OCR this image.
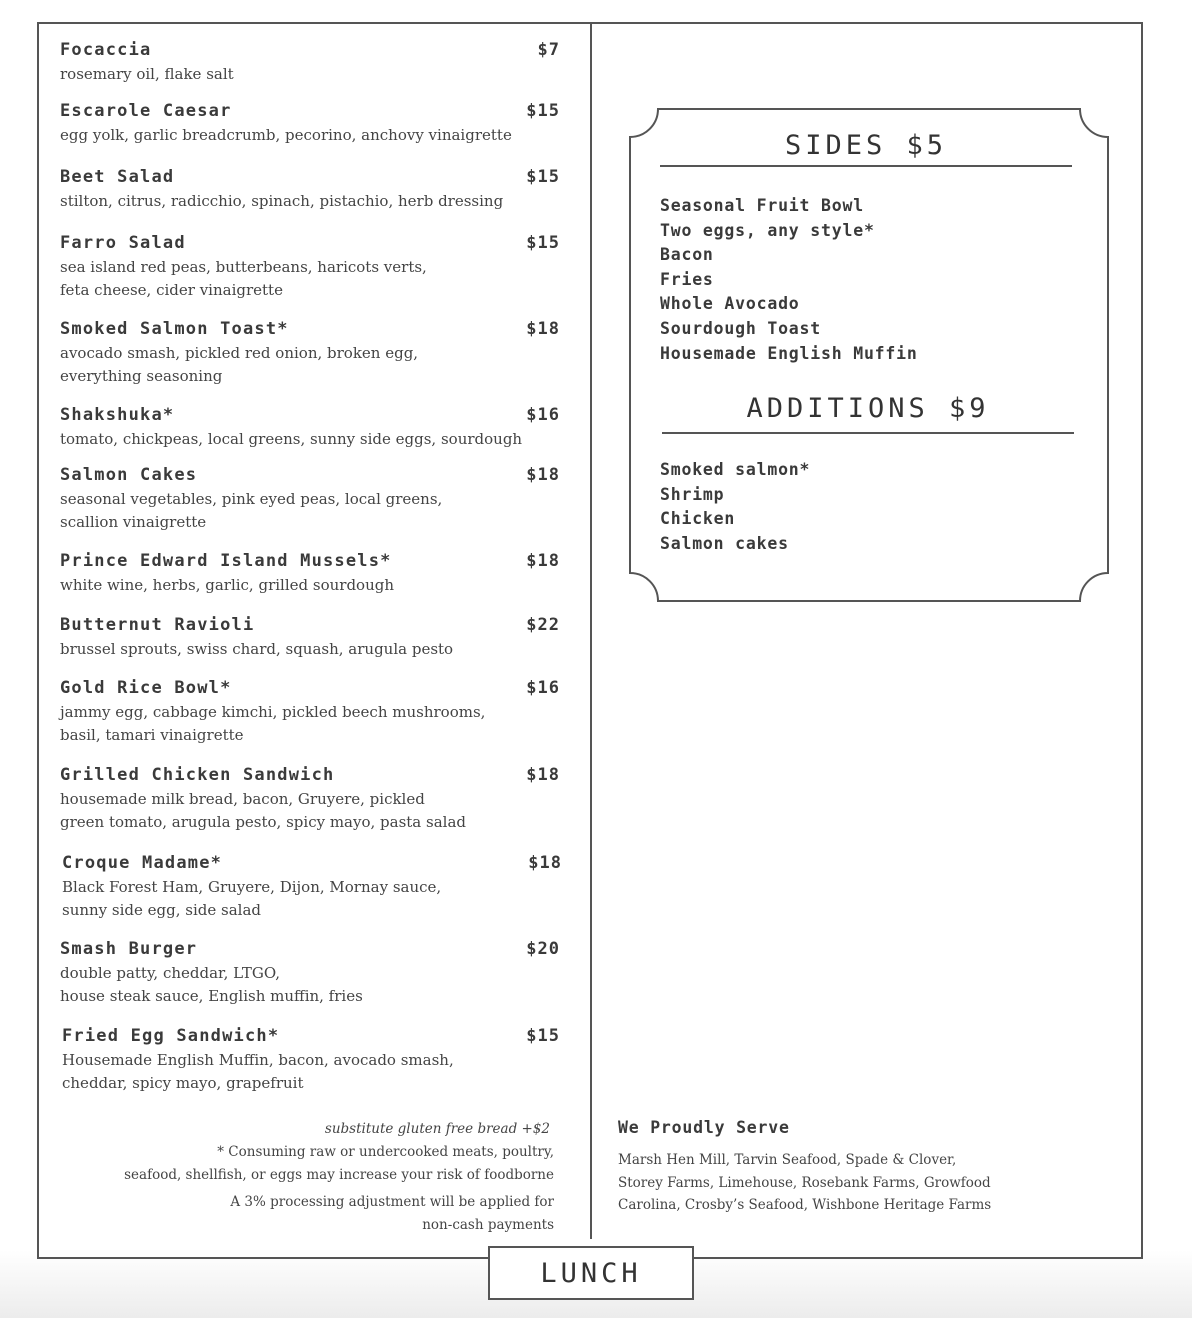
Focaccia	$7
rosemary oil, flake salt
Escarole Caesar	$15
egg yolk, garlic breadcrumb, pecorino, anchovy vinaigrette
Beet Salad	$15
stilton, citrus, radicchio, spinach, pistachio, herb dressing
Farro Salad	$15
sea island red peas, butterbeans, haricots verts,
feta cheese, cider vinaigrette
Smoked Salmon Toast*	$18
avocado smash, pickled red onion, broken egg,
everything seasoning
Shakshuka*	$16
tomato, chickpeas, local greens, sunny side eggs, sourdough
Salmon Cakes	$18
seasonal vegetables, pink eyed peas, local greens,
scallion vinaigrette
Prince Edward Island Mussels*	$18
white wine, herbs, garlic, grilled sourdough
Butternut Ravioli	$22
brussel sprouts, swiss chard, squash, arugula pesto
Gold Rice Bowl*	$16
jammy egg, cabbage kimchi, pickled beech mushrooms,
basil, tamari vinaigrette
Grilled Chicken Sandwich	$18
housemade milk bread, bacon, Gruyere, pickled
green tomato, arugula pesto, spicy mayo, pasta salad
Croque Madame*	$18
Black Forest Ham, Gruyere, Dijon, Mornay sauce,
sunny side egg, side salad
Smash Burger	$20
double patty, cheddar, LTGO,
house steak sauce, English muffin, fries
Fried Egg Sandwich*	$15
Housemade English Muffin, bacon, avocado smash,
cheddar, spicy mayo, grapefruit
substitute gluten free bread +$2
* Consuming raw or undercooked meats, poultry,
seafood, shellfish, or eggs may increase your risk of foodborne
A 3% processing adjustment will be applied for
non-cash payments
SIDES $5
Seasonal Fruit Bowl
Two eggs, any style*
Bacon
Fries
Whole Avocado
Sourdough Toast
Housemade English Muffin
ADDITIONS $9
Smoked salmon*
Shrimp
Chicken
Salmon cakes
We Proudly Serve
Marsh Hen Mill, Tarvin Seafood, Spade & Clover,
Storey Farms, Limehouse, Rosebank Farms, Growfood
Carolina, Crosby’s Seafood, Wishbone Heritage Farms
LUNCH
